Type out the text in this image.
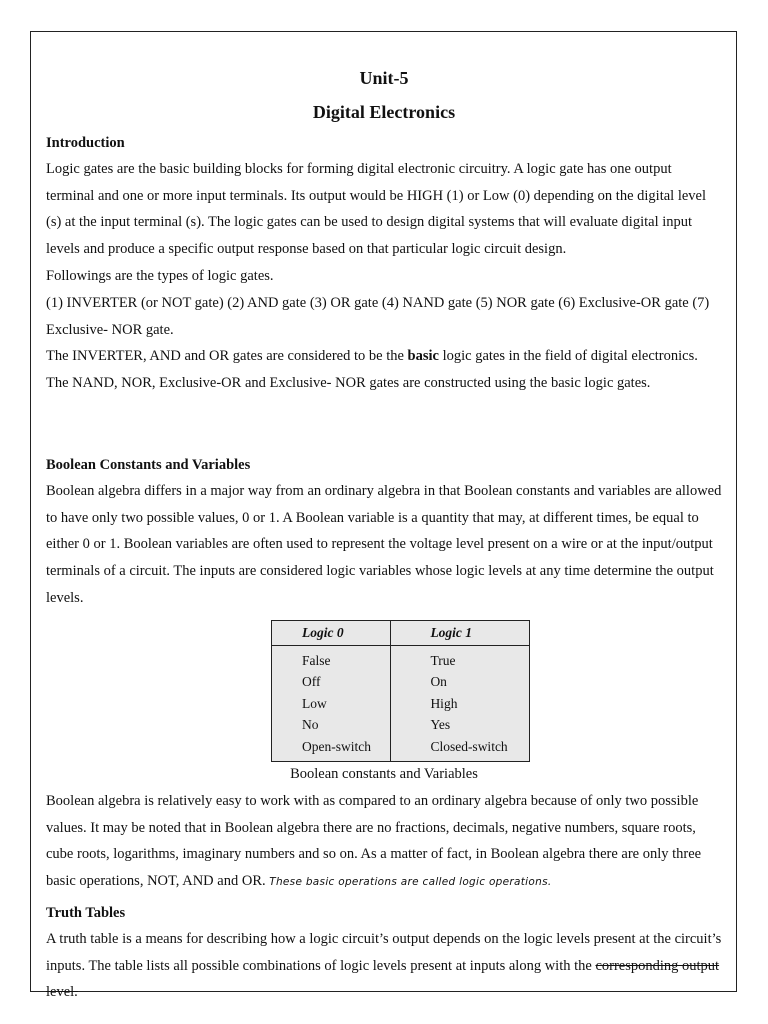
Unit-5
Digital Electronics
Introduction

Logic gates are the basic building blocks for forming digital electronic circuitry. A logic gate has one output terminal and one or more input terminals. Its output would be HIGH (1) or Low (0) depending on the digital level (s) at the input terminal (s). The logic gates can be used to design digital systems that will evaluate digital input levels and produce a specific output response based on that particular logic circuit design.

Followings are the types of logic gates.

(1) INVERTER (or NOT gate) (2) AND gate (3) OR gate (4) NAND gate (5) NOR gate (6) Exclusive-OR gate (7) Exclusive- NOR gate.

The INVERTER, AND and OR gates are considered to be the basic logic gates in the field of digital electronics. The NAND, NOR, Exclusive-OR and Exclusive- NOR gates are constructed using the basic logic gates.

Boolean Constants and Variables

Boolean algebra differs in a major way from an ordinary algebra in that Boolean constants and variables are allowed to have only two possible values, 0 or 1. A Boolean variable is a quantity that may, at different times, be equal to either 0 or 1. Boolean variables are often used to represent the voltage level present on a wire or at the input/output terminals of a circuit. The inputs are considered logic variables whose logic levels at any time determine the output levels.

Logic 0	Logic 1
False	True
Off	On
Low	High
No	Yes
Open-switch	Closed-switch
Boolean constants and Variables

Boolean algebra is relatively easy to work with as compared to an ordinary algebra because of only two possible values. It may be noted that in Boolean algebra there are no fractions, decimals, negative numbers, square roots, cube roots, logarithms, imaginary numbers and so on. As a matter of fact, in Boolean algebra there are only three basic operations, NOT, AND and OR. These basic operations are called logic operations.

Truth Tables

A truth table is a means for describing how a logic circuit’s output depends on the logic levels present at the circuit’s inputs. The table lists all possible combinations of logic levels present at inputs along with the corresponding output level.
